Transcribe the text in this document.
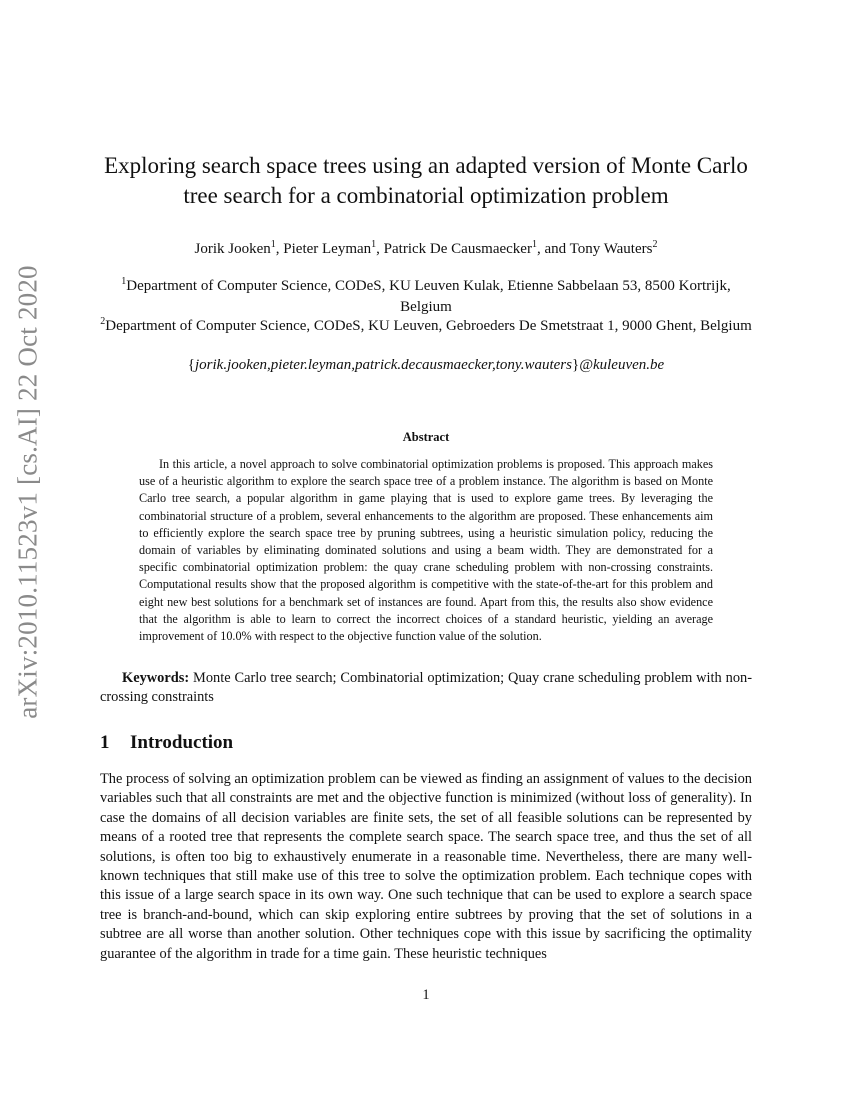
arXiv:2010.11523v1 [cs.AI] 22 Oct 2020
Exploring search space trees using an adapted version of Monte Carlo tree search for a combinatorial optimization problem
Jorik Jooken$^1$, Pieter Leyman$^1$, Patrick De Causmaecker$^1$, and Tony Wauters$^2$
$^1$Department of Computer Science, CODeS, KU Leuven Kulak, Etienne Sabbelaan 53, 8500 Kortrijk, Belgium
$^2$Department of Computer Science, CODeS, KU Leuven, Gebroeders De Smetstraat 1, 9000 Ghent, Belgium
{jorik.jooken,pieter.leyman,patrick.decausmaecker,tony.wauters}@kuleuven.be
Abstract

In this article, a novel approach to solve combinatorial optimization problems is proposed. This approach makes use of a heuristic algorithm to explore the search space tree of a problem instance. The algorithm is based on Monte Carlo tree search, a popular algorithm in game playing that is used to explore game trees. By leveraging the combinatorial structure of a problem, several enhancements to the algorithm are proposed. These enhancements aim to efficiently explore the search space tree by pruning subtrees, using a heuristic simulation policy, reducing the domain of variables by eliminating dominated solutions and using a beam width. They are demonstrated for a specific combinatorial optimization problem: the quay crane scheduling problem with non-crossing constraints. Computational results show that the proposed algorithm is competitive with the state-of-the-art for this problem and eight new best solutions for a benchmark set of instances are found. Apart from this, the results also show evidence that the algorithm is able to learn to correct the incorrect choices of a standard heuristic, yielding an average improvement of 10.0% with respect to the objective function value of the solution.

Keywords: Monte Carlo tree search; Combinatorial optimization; Quay crane scheduling problem with non-crossing constraints

1 Introduction

The process of solving an optimization problem can be viewed as finding an assignment of values to the decision variables such that all constraints are met and the objective function is minimized (without loss of generality). In case the domains of all decision variables are finite sets, the set of all feasible solutions can be represented by means of a rooted tree that represents the complete search space. The search space tree, and thus the set of all solutions, is often too big to exhaustively enumerate in a reasonable time. Nevertheless, there are many well-known techniques that still make use of this tree to solve the optimization problem. Each technique copes with this issue of a large search space in its own way. One such technique that can be used to explore a search space tree is branch-and-bound, which can skip exploring entire subtrees by proving that the set of solutions in a subtree are all worse than another solution. Other techniques cope with this issue by sacrificing the optimality guarantee of the algorithm in trade for a time gain. These heuristic techniques

1
